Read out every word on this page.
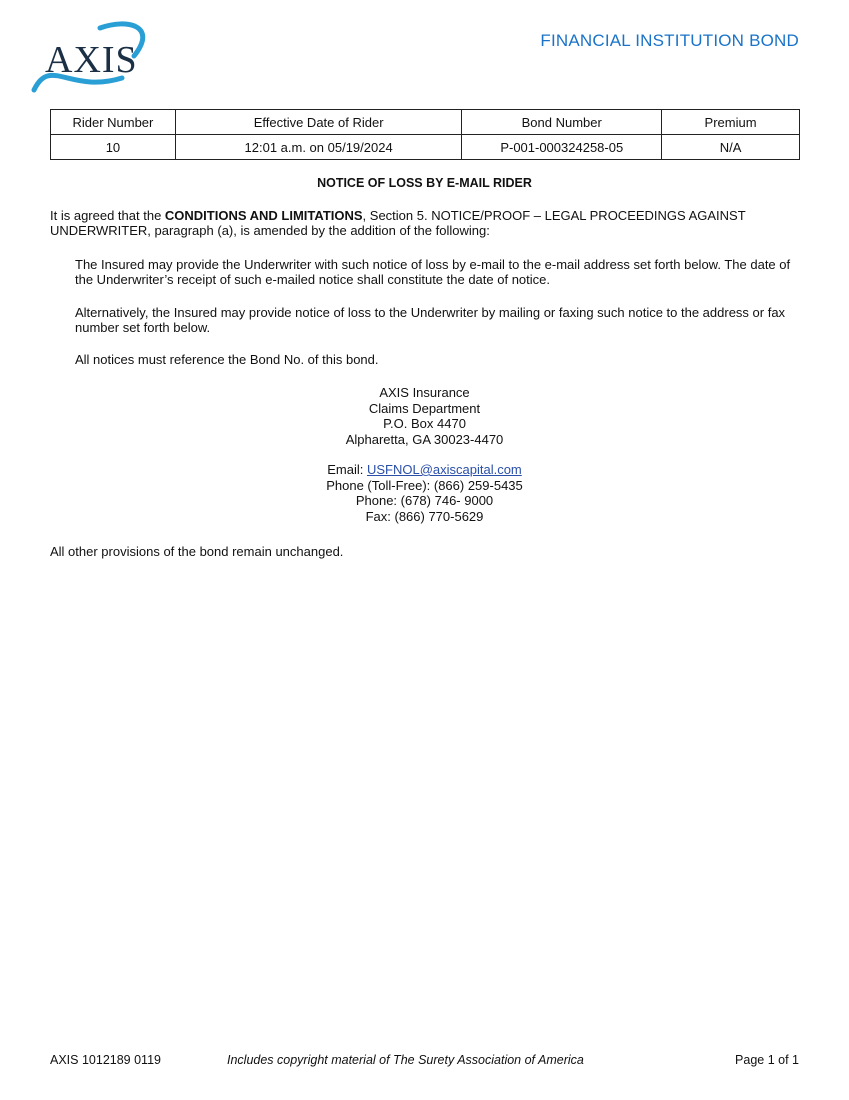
AXIS	FINANCIAL INSTITUTION BOND
Rider Number	Effective Date of Rider	Bond Number	Premium
10	12:01 a.m. on 05/19/2024	P-001-000324258-05	N/A
NOTICE OF LOSS BY E-MAIL RIDER
It is agreed that the CONDITIONS AND LIMITATIONS, Section 5. NOTICE/PROOF – LEGAL PROCEEDINGS AGAINST UNDERWRITER, paragraph (a), is amended by the addition of the following:
The Insured may provide the Underwriter with such notice of loss by e-mail to the e-mail address set forth below. The date of the Underwriter’s receipt of such e-mailed notice shall constitute the date of notice.
Alternatively, the Insured may provide notice of loss to the Underwriter by mailing or faxing such notice to the address or fax number set forth below.
All notices must reference the Bond No. of this bond.
AXIS Insurance
Claims Department
P.O. Box 4470
Alpharetta, GA 30023-4470
Email: USFNOL@axiscapital.com
Phone (Toll-Free): (866) 259-5435
Phone: (678) 746- 9000
Fax: (866) 770-5629
All other provisions of the bond remain unchanged.
AXIS 1012189 0119	Includes copyright material of The Surety Association of America	Page 1 of 1
